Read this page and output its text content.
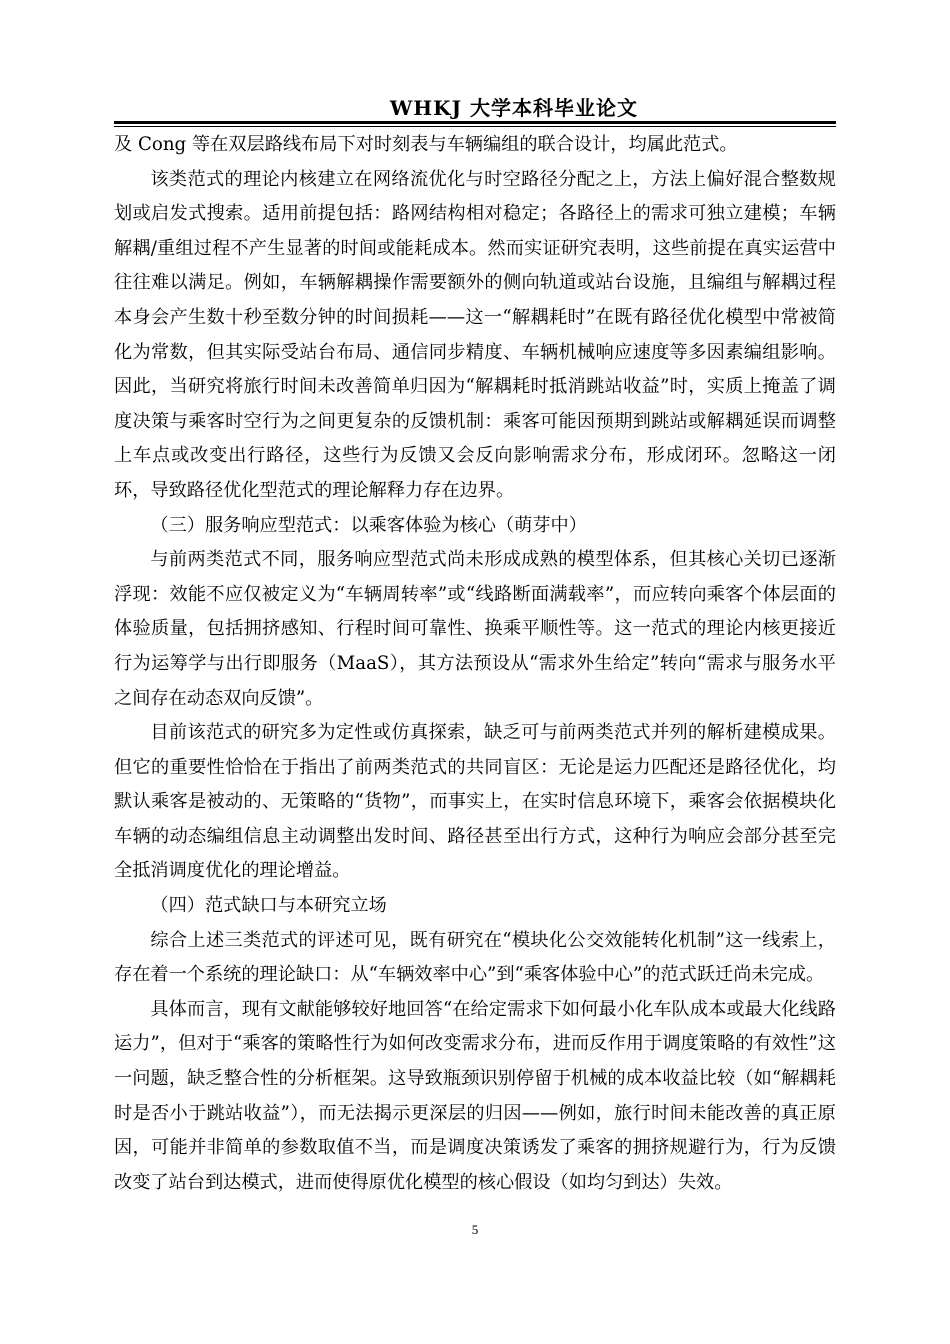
WHKJ 大学本科毕业论文

及 Cong 等在双层路线布局下对时刻表与车辆编组的联合设计，均属此范式。

该类范式的理论内核建立在网络流优化与时空路径分配之上，方法上偏好混合整数规划或启发式搜索。适用前提包括：路网结构相对稳定；各路径上的需求可独立建模；车辆解耦/重组过程不产生显著的时间或能耗成本。然而实证研究表明，这些前提在真实运营中往往难以满足。例如，车辆解耦操作需要额外的侧向轨道或站台设施，且编组与解耦过程本身会产生数十秒至数分钟的时间损耗——这一“解耦耗时”在既有路径优化模型中常被简化为常数，但其实际受站台布局、通信同步精度、车辆机械响应速度等多因素编组影响。因此，当研究将旅行时间未改善简单归因为“解耦耗时抵消跳站收益”时，实质上掩盖了调度决策与乘客时空行为之间更复杂的反馈机制：乘客可能因预期到跳站或解耦延误而调整上车点或改变出行路径，这些行为反馈又会反向影响需求分布，形成闭环。忽略这一闭环，导致路径优化型范式的理论解释力存在边界。

（三）服务响应型范式：以乘客体验为核心（萌芽中）

与前两类范式不同，服务响应型范式尚未形成成熟的模型体系，但其核心关切已逐渐浮现：效能不应仅被定义为“车辆周转率”或“线路断面满载率”，而应转向乘客个体层面的体验质量，包括拥挤感知、行程时间可靠性、换乘平顺性等。这一范式的理论内核更接近行为运筹学与出行即服务（MaaS），其方法预设从“需求外生给定”转向“需求与服务水平之间存在动态双向反馈”。

目前该范式的研究多为定性或仿真探索，缺乏可与前两类范式并列的解析建模成果。但它的重要性恰恰在于指出了前两类范式的共同盲区：无论是运力匹配还是路径优化，均默认乘客是被动的、无策略的“货物”，而事实上，在实时信息环境下，乘客会依据模块化车辆的动态编组信息主动调整出发时间、路径甚至出行方式，这种行为响应会部分甚至完全抵消调度优化的理论增益。

（四）范式缺口与本研究立场

综合上述三类范式的评述可见，既有研究在“模块化公交效能转化机制”这一线索上，存在着一个系统的理论缺口：从“车辆效率中心”到“乘客体验中心”的范式跃迁尚未完成。

具体而言，现有文献能够较好地回答“在给定需求下如何最小化车队成本或最大化线路运力”，但对于“乘客的策略性行为如何改变需求分布，进而反作用于调度策略的有效性”这一问题，缺乏整合性的分析框架。这导致瓶颈识别停留于机械的成本收益比较（如“解耦耗时是否小于跳站收益”），而无法揭示更深层的归因——例如，旅行时间未能改善的真正原因，可能并非简单的参数取值不当，而是调度决策诱发了乘客的拥挤规避行为，行为反馈改变了站台到达模式，进而使得原优化模型的核心假设（如均匀到达）失效。

5
